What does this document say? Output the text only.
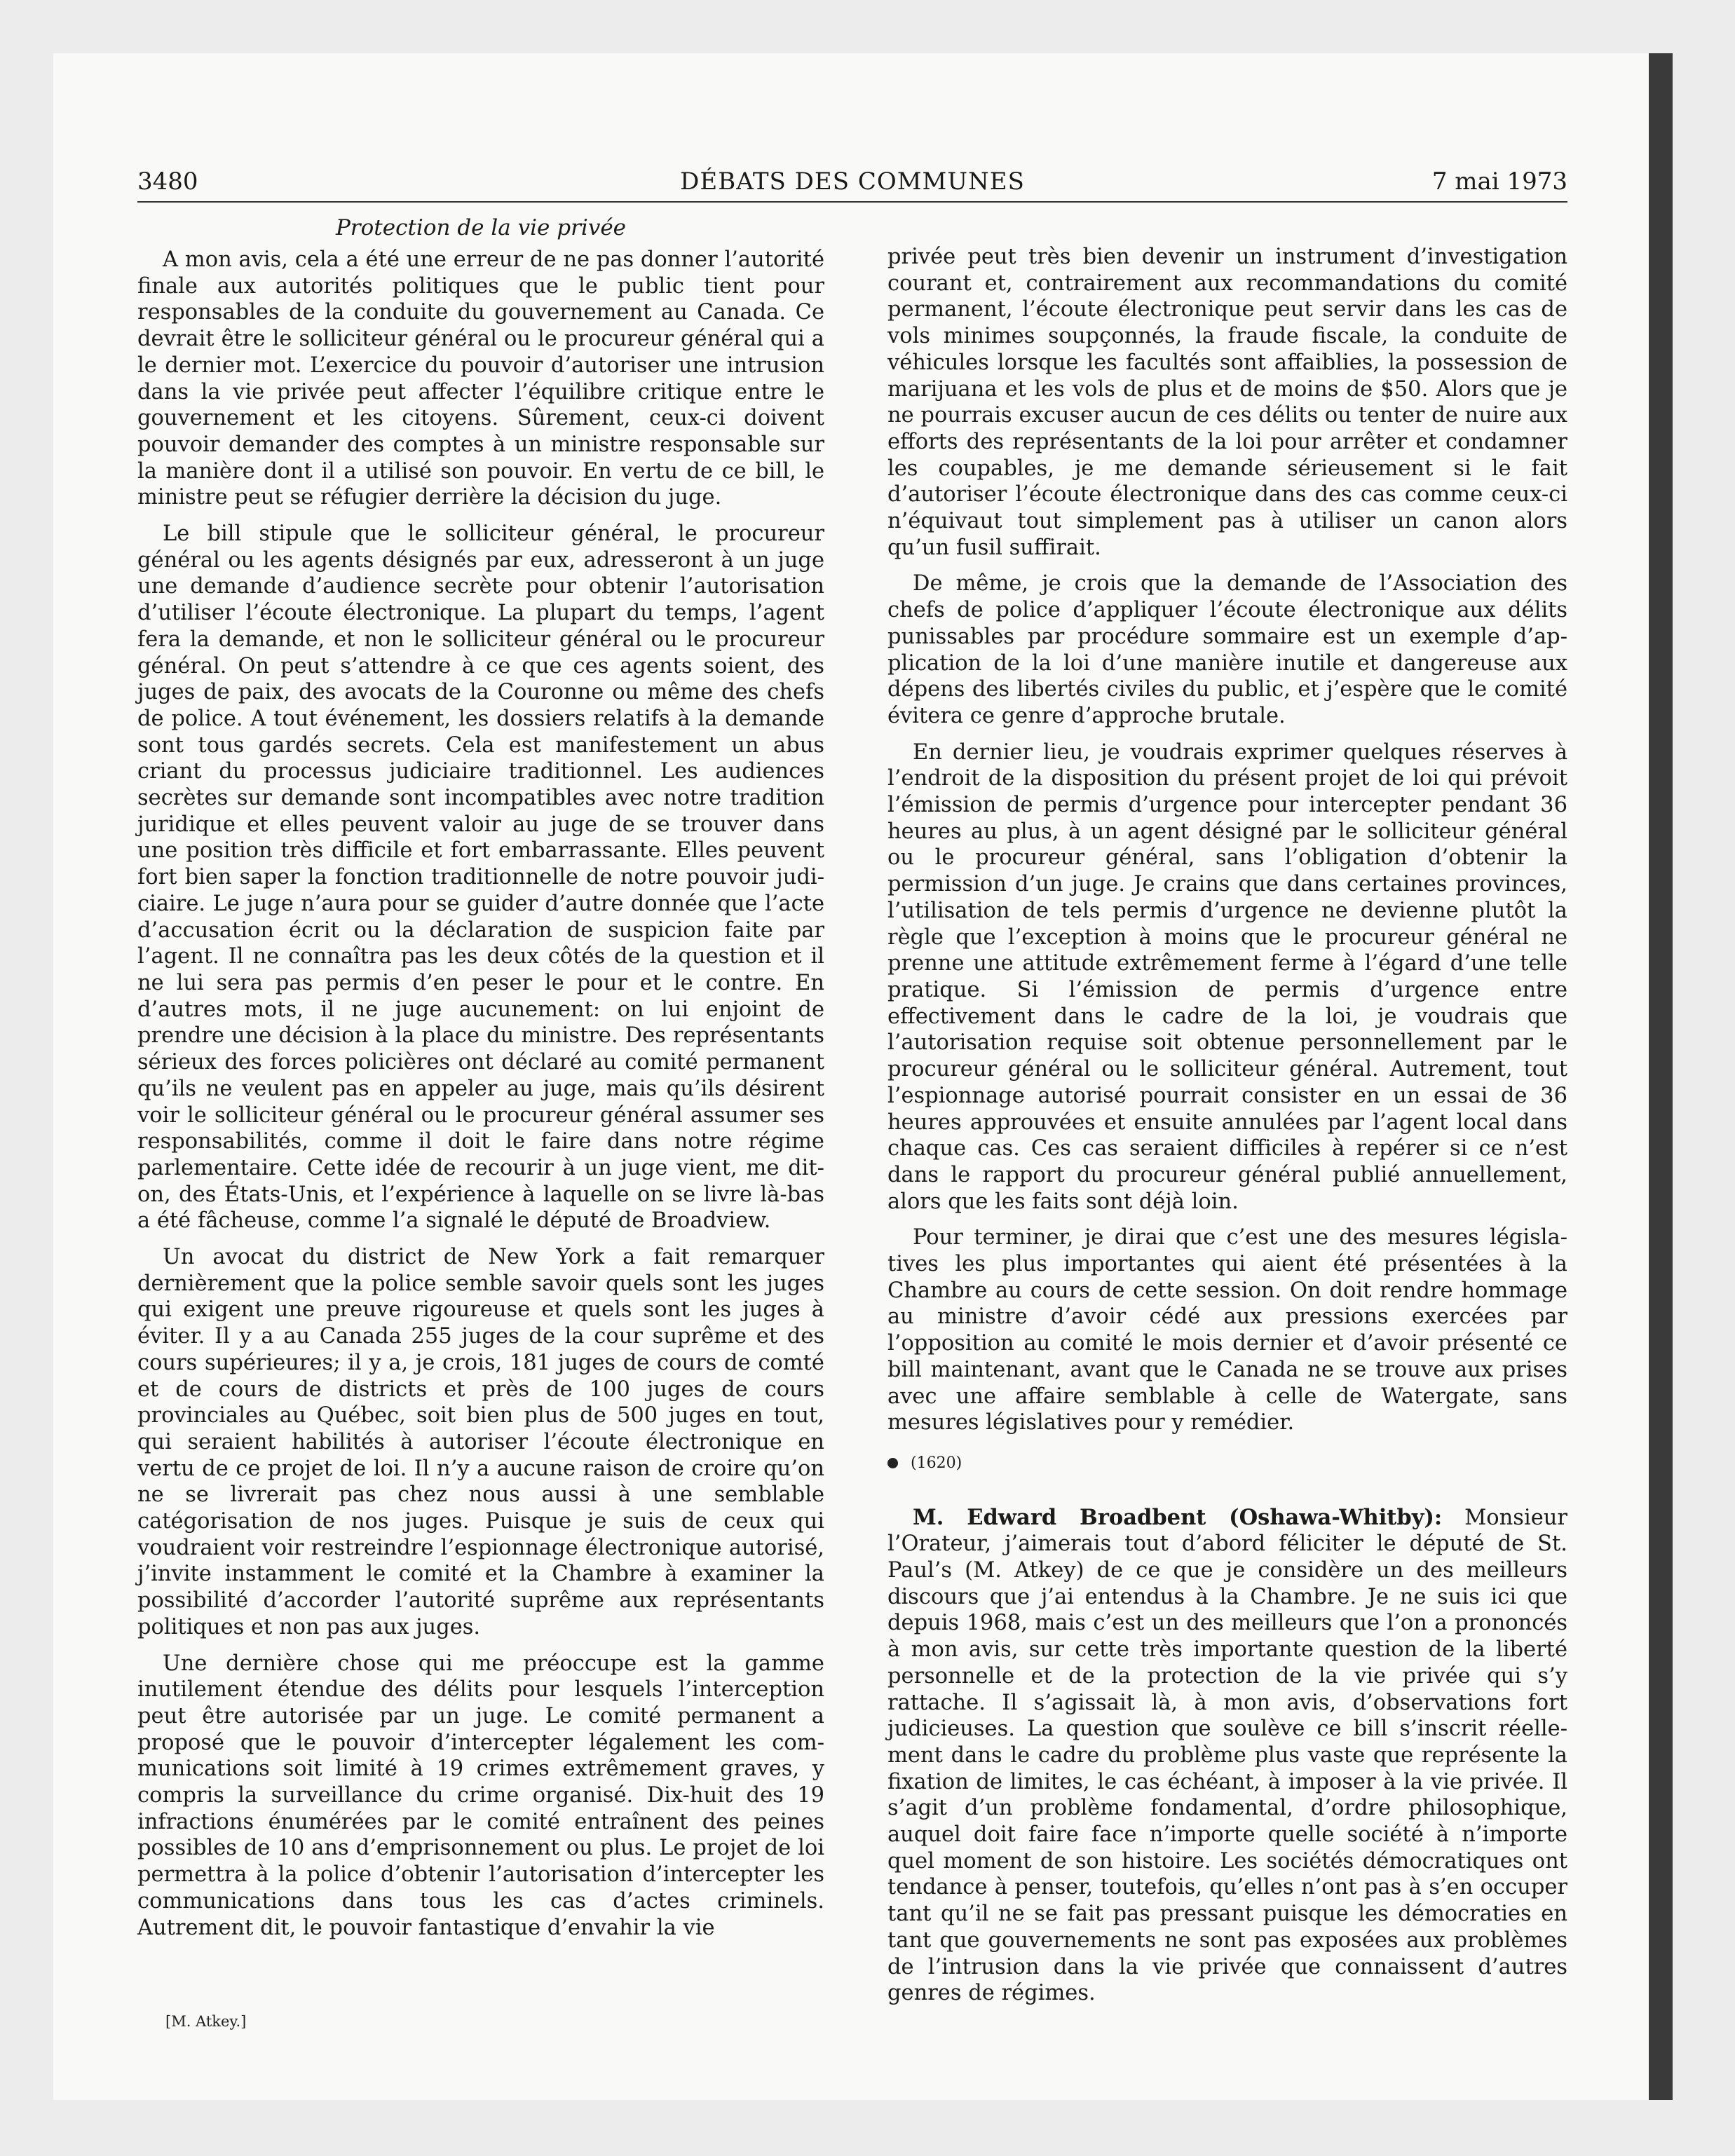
3480	DÉBATS DES COMMUNES	7 mai 1973
Protection de la vie privée

A mon avis, cela a été une erreur de ne pas donner l’autorité finale aux autorités politiques que le public tient pour responsables de la conduite du gouvernement au Canada. Ce devrait être le solliciteur général ou le procureur général qui a le dernier mot. L’exercice du pouvoir d’autoriser une intrusion dans la vie privée peut affecter l’équilibre critique entre le gouvernement et les citoyens. Sûrement, ceux-ci doivent pouvoir demander des comptes à un ministre responsable sur la manière dont il a utilisé son pouvoir. En vertu de ce bill, le ministre peut se réfugier derrière la décision du juge.

Le bill stipule que le solliciteur général, le procureur général ou les agents désignés par eux, adresseront à un juge une demande d’audience secrète pour obtenir l’autorisation d’utiliser l’écoute électronique. La plupart du temps, l’agent fera la demande, et non le solliciteur général ou le procureur général. On peut s’attendre à ce que ces agents soient, des juges de paix, des avocats de la Couronne ou même des chefs de police. A tout événement, les dossiers relatifs à la demande sont tous gardés secrets. Cela est manifestement un abus criant du processus judiciaire traditionnel. Les audiences secrètes sur demande sont incompatibles avec notre tradition juridique et elles peuvent valoir au juge de se trouver dans une position très difficile et fort embarrassante. Elles peuvent fort bien saper la fonction traditionnelle de notre pouvoir judiciaire. Le juge n’aura pour se guider d’autre donnée que l’acte d’accusation écrit ou la déclaration de suspicion faite par l’agent. Il ne connaîtra pas les deux côtés de la question et il ne lui sera pas permis d’en peser le pour et le contre. En d’autres mots, il ne juge aucunement: on lui enjoint de prendre une décision à la place du ministre. Des représentants sérieux des forces policières ont déclaré au comité permanent qu’ils ne veulent pas en appeler au juge, mais qu’ils désirent voir le solliciteur général ou le procureur général assumer ses responsabilités, comme il doit le faire dans notre régime parlementaire. Cette idée de recourir à un juge vient, me dit-on, des États-Unis, et l’expérience à laquelle on se livre là-bas a été fâcheuse, comme l’a signalé le député de Broadview.

Un avocat du district de New York a fait remarquer dernièrement que la police semble savoir quels sont les juges qui exigent une preuve rigoureuse et quels sont les juges à éviter. Il y a au Canada 255 juges de la cour suprême et des cours supérieures; il y a, je crois, 181 juges de cours de comté et de cours de districts et près de 100 juges de cours provinciales au Québec, soit bien plus de 500 juges en tout, qui seraient habilités à autoriser l’écoute électronique en vertu de ce projet de loi. Il n’y a aucune raison de croire qu’on ne se livrerait pas chez nous aussi à une semblable catégorisation de nos juges. Puisque je suis de ceux qui voudraient voir restreindre l’espionnage électronique autorisé, j’invite instamment le comité et la Chambre à examiner la possibilité d’accorder l’autorité suprême aux représentants politiques et non pas aux juges.

Une dernière chose qui me préoccupe est la gamme inutilement étendue des délits pour lesquels l’interception peut être autorisée par un juge. Le comité permanent a proposé que le pouvoir d’intercepter légalement les communications soit limité à 19 crimes extrêmement graves, y compris la surveillance du crime organisé. Dix-huit des 19 infractions énumérées par le comité entraînent des peines possibles de 10 ans d’emprisonnement ou plus. Le projet de loi permettra à la police d’obtenir l’autorisation d’intercepter les communications dans tous les cas d’actes criminels. Autrement dit, le pouvoir fantastique d’envahir la vie

privée peut très bien devenir un instrument d’investigation courant et, contrairement aux recommandations du comité permanent, l’écoute électronique peut servir dans les cas de vols minimes soupçonnés, la fraude fiscale, la conduite de véhicules lorsque les facultés sont affaiblies, la possession de marijuana et les vols de plus et de moins de $50. Alors que je ne pourrais excuser aucun de ces délits ou tenter de nuire aux efforts des représentants de la loi pour arrêter et condamner les coupables, je me demande sérieusement si le fait d’autoriser l’écoute électronique dans des cas comme ceux-ci n’équivaut tout simplement pas à utiliser un canon alors qu’un fusil suffirait.

De même, je crois que la demande de l’Association des chefs de police d’appliquer l’écoute électronique aux délits punissables par procédure sommaire est un exemple d’application de la loi d’une manière inutile et dangereuse aux dépens des libertés civiles du public, et j’espère que le comité évitera ce genre d’approche brutale.

En dernier lieu, je voudrais exprimer quelques réserves à l’endroit de la disposition du présent projet de loi qui prévoit l’émission de permis d’urgence pour intercepter pendant 36 heures au plus, à un agent désigné par le solliciteur général ou le procureur général, sans l’obligation d’obtenir la permission d’un juge. Je crains que dans certaines provinces, l’utilisation de tels permis d’urgence ne devienne plutôt la règle que l’exception à moins que le procureur général ne prenne une attitude extrêmement ferme à l’égard d’une telle pratique. Si l’émission de permis d’urgence entre effectivement dans le cadre de la loi, je voudrais que l’autorisation requise soit obtenue personnellement par le procureur général ou le solliciteur général. Autrement, tout l’espionnage autorisé pourrait consister en un essai de 36 heures approuvées et ensuite annulées par l’agent local dans chaque cas. Ces cas seraient difficiles à repérer si ce n’est dans le rapport du procureur général publié annuellement, alors que les faits sont déjà loin.

Pour terminer, je dirai que c’est une des mesures législatives les plus importantes qui aient été présentées à la Chambre au cours de cette session. On doit rendre hommage au ministre d’avoir cédé aux pressions exercées par l’opposition au comité le mois dernier et d’avoir présenté ce bill maintenant, avant que le Canada ne se trouve aux prises avec une affaire semblable à celle de Watergate, sans mesures législatives pour y remédier.

(1620)

M. Edward Broadbent (Oshawa-Whitby): Monsieur l’Orateur, j’aimerais tout d’abord féliciter le député de St. Paul’s (M. Atkey) de ce que je considère un des meilleurs discours que j’ai entendus à la Chambre. Je ne suis ici que depuis 1968, mais c’est un des meilleurs que l’on a prononcés à mon avis, sur cette très importante question de la liberté personnelle et de la protection de la vie privée qui s’y rattache. Il s’agissait là, à mon avis, d’observations fort judicieuses. La question que soulève ce bill s’inscrit réellement dans le cadre du problème plus vaste que représente la fixation de limites, le cas échéant, à imposer à la vie privée. Il s’agit d’un problème fondamental, d’ordre philosophique, auquel doit faire face n’importe quelle société à n’importe quel moment de son histoire. Les sociétés démocratiques ont tendance à penser, toutefois, qu’elles n’ont pas à s’en occuper tant qu’il ne se fait pas pressant puisque les démocraties en tant que gouvernements ne sont pas exposées aux problèmes de l’intrusion dans la vie privée que connaissent d’autres genres de régimes.

[M. Atkey.]
